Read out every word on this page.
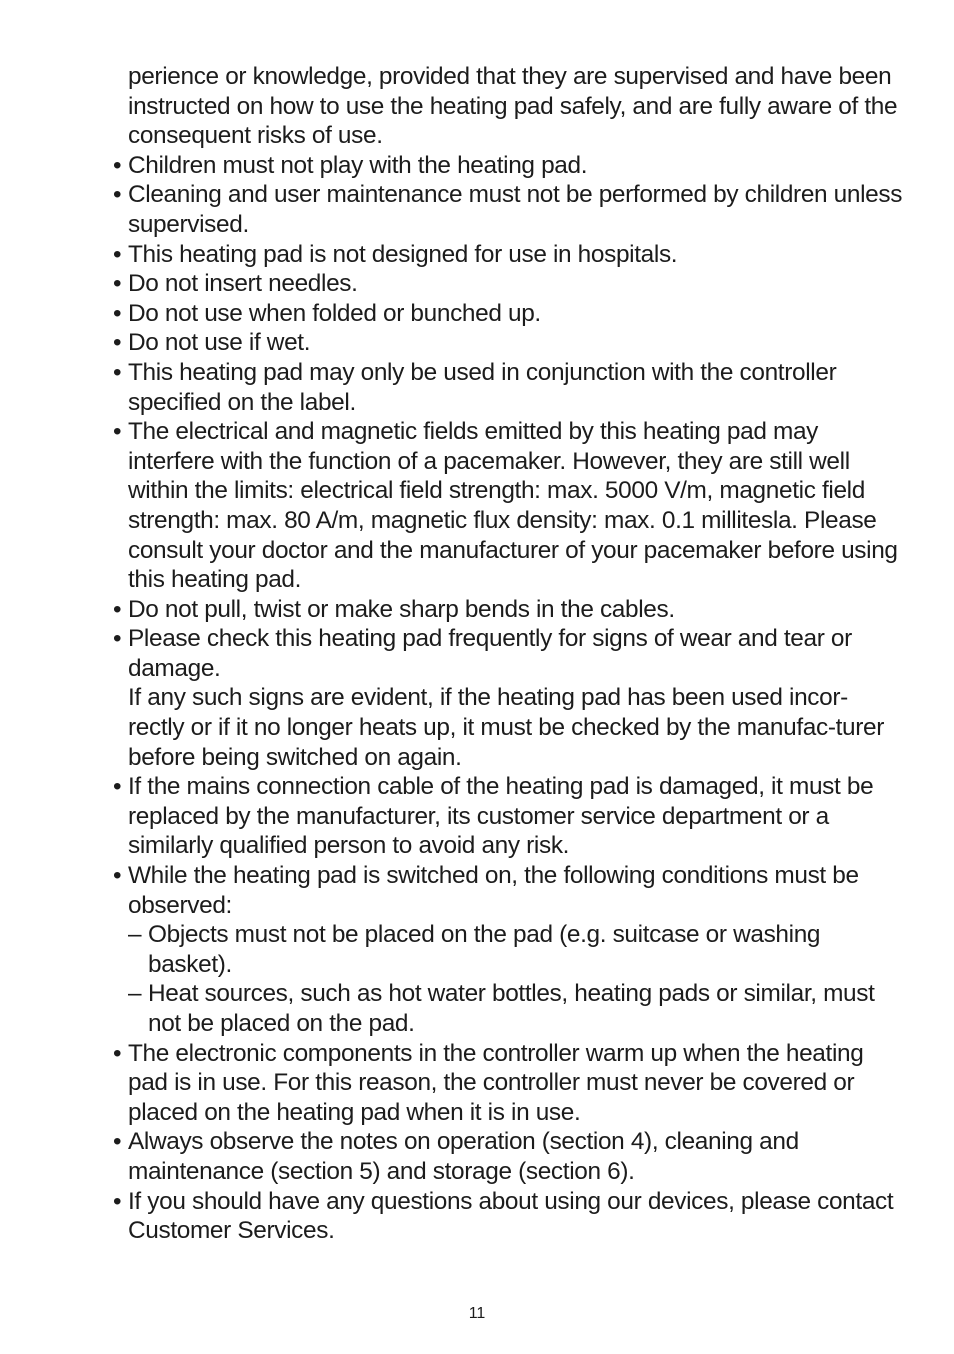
perience or knowledge, provided that they are supervised and have been instructed on how to use the heating pad safely, and are fully aware of the consequent risks of use.

• Children must not play with the heating pad.
• Cleaning and user maintenance must not be performed by children unless supervised.
• This heating pad is not designed for use in hospitals.
• Do not insert needles.
• Do not use when folded or bunched up.
• Do not use if wet.
• This heating pad may only be used in conjunction with the controller specified on the label.
• The electrical and magnetic fields emitted by this heating pad may interfere with the function of a pacemaker. However, they are still well within the limits: electrical field strength: max. 5000 V/m, magnetic field strength: max. 80 A/m, magnetic flux density: max. 0.1 millitesla. Please consult your doctor and the manufacturer of your pacemaker before using this heating pad.
• Do not pull, twist or make sharp bends in the cables.
• Please check this heating pad frequently for signs of wear and tear or damage.
If any such signs are evident, if the heating pad has been used incor-rectly or if it no longer heats up, it must be checked by the manufac-turer before being switched on again.
• If the mains connection cable of the heating pad is damaged, it must be replaced by the manufacturer, its customer service department or a similarly qualified person to avoid any risk.
• While the heating pad is switched on, the following conditions must be observed:
– Objects must not be placed on the pad (e.g. suitcase or washing basket).
– Heat sources, such as hot water bottles, heating pads or similar, must not be placed on the pad.
• The electronic components in the controller warm up when the heating pad is in use. For this reason, the controller must never be covered or placed on the heating pad when it is in use.
• Always observe the notes on operation (section 4), cleaning and maintenance (section 5) and storage (section 6).
• If you should have any questions about using our devices, please contact Customer Services.
11
